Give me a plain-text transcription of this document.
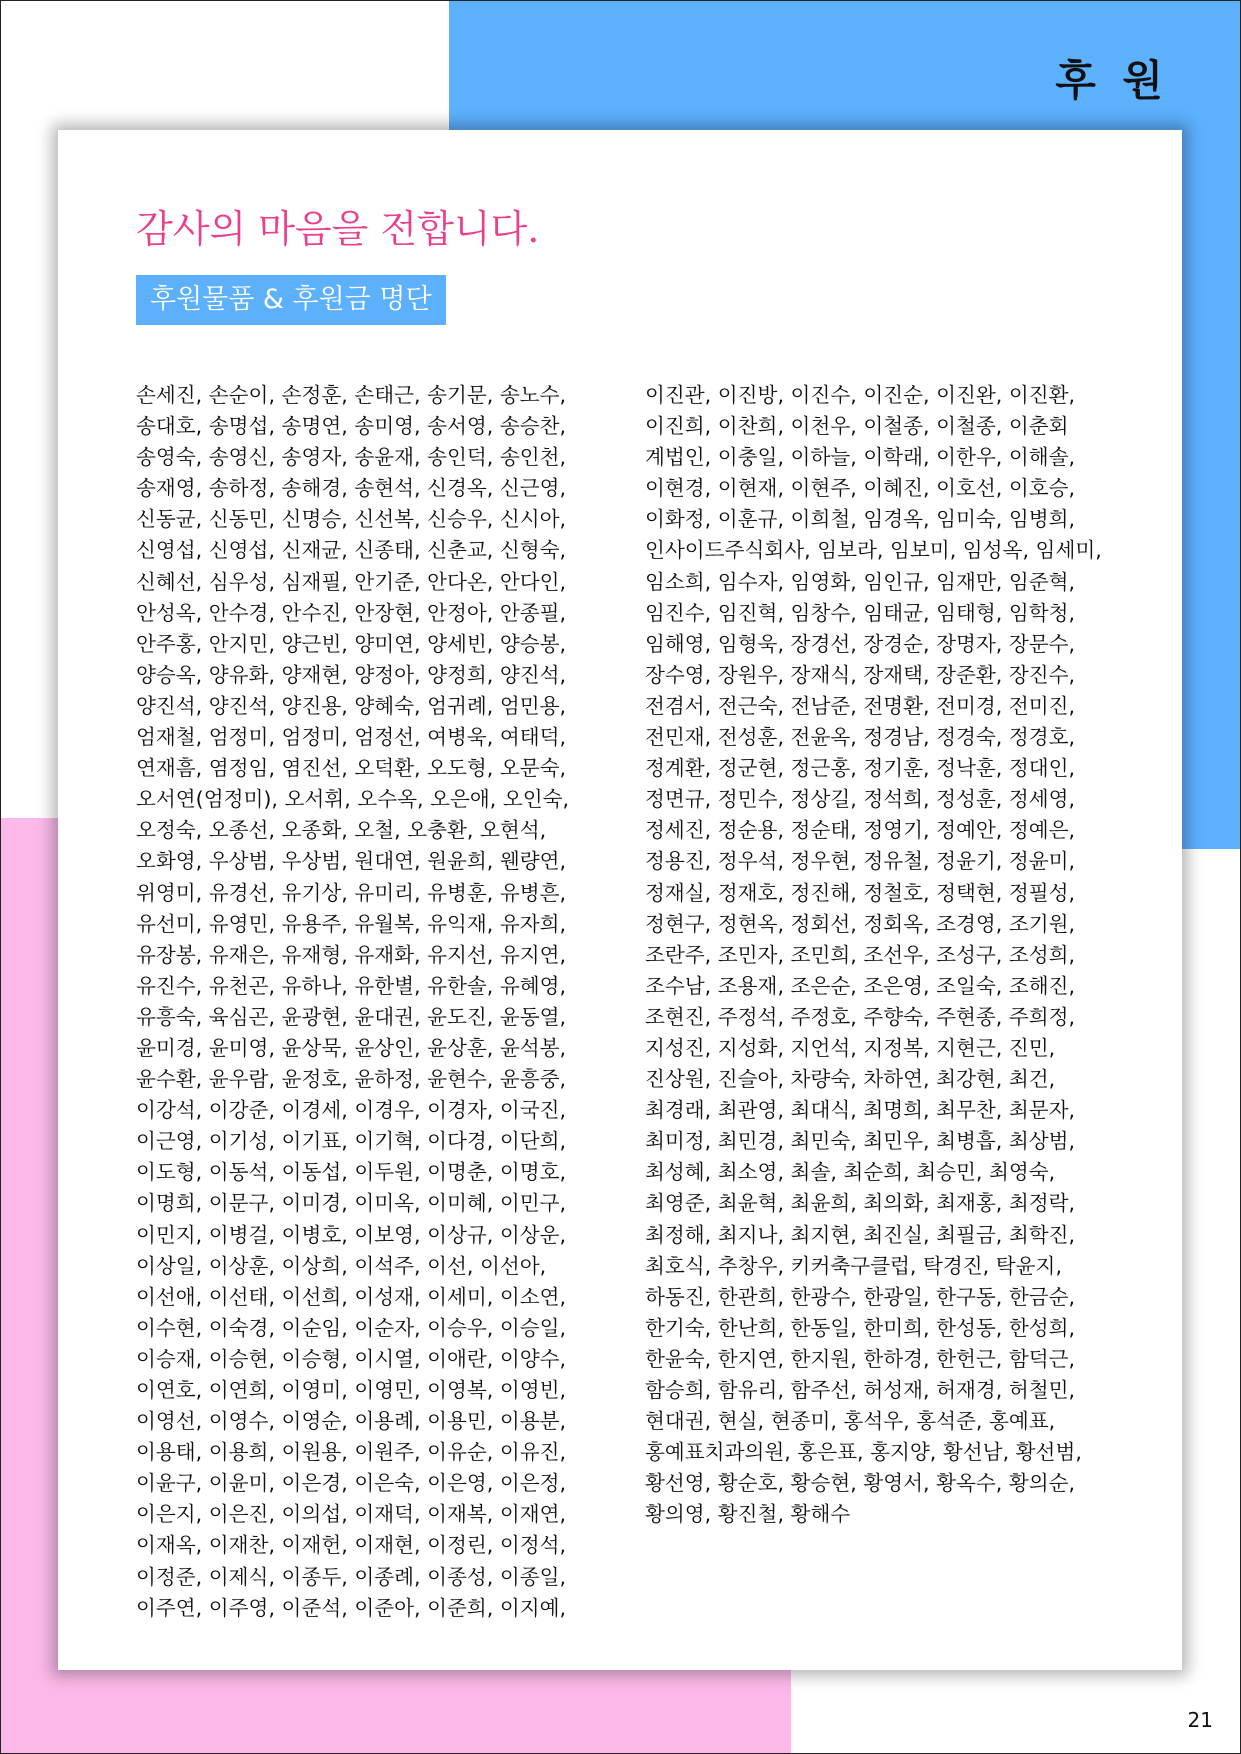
후 원
감사의 마음을 전합니다.
후원물품 & 후원금 명단
손세진, 손순이, 손정훈, 손태근, 송기문, 송노수,
송대호, 송명섭, 송명연, 송미영, 송서영, 송승찬,
송영숙, 송영신, 송영자, 송윤재, 송인덕, 송인천,
송재영, 송하정, 송해경, 송현석, 신경옥, 신근영,
신동균, 신동민, 신명승, 신선복, 신승우, 신시아,
신영섭, 신영섭, 신재균, 신종태, 신춘교, 신형숙,
신혜선, 심우성, 심재필, 안기준, 안다온, 안다인,
안성옥, 안수경, 안수진, 안장현, 안정아, 안종필,
안주홍, 안지민, 양근빈, 양미연, 양세빈, 양승봉,
양승옥, 양유화, 양재현, 양정아, 양정희, 양진석,
양진석, 양진석, 양진용, 양혜숙, 엄귀례, 엄민용,
엄재철, 엄정미, 엄정미, 엄정선, 여병욱, 여태덕,
연재흠, 염정임, 염진선, 오덕환, 오도형, 오문숙,
오서연(엄정미), 오서휘, 오수옥, 오은애, 오인숙,
오정숙, 오종선, 오종화, 오철, 오충환, 오현석,
오화영, 우상범, 우상범, 원대연, 원윤희, 웬량연,
위영미, 유경선, 유기상, 유미리, 유병훈, 유병흔,
유선미, 유영민, 유용주, 유월복, 유익재, 유자희,
유장봉, 유재은, 유재형, 유재화, 유지선, 유지연,
유진수, 유천곤, 유하나, 유한별, 유한솔, 유혜영,
유흥숙, 육심곤, 윤광현, 윤대권, 윤도진, 윤동열,
윤미경, 윤미영, 윤상묵, 윤상인, 윤상훈, 윤석봉,
윤수환, 윤우람, 윤정호, 윤하정, 윤현수, 윤흥중,
이강석, 이강준, 이경세, 이경우, 이경자, 이국진,
이근영, 이기성, 이기표, 이기혁, 이다경, 이단희,
이도형, 이동석, 이동섭, 이두원, 이명춘, 이명호,
이명희, 이문구, 이미경, 이미옥, 이미혜, 이민구,
이민지, 이병걸, 이병호, 이보영, 이상규, 이상운,
이상일, 이상훈, 이상희, 이석주, 이선, 이선아,
이선애, 이선태, 이선희, 이성재, 이세미, 이소연,
이수현, 이숙경, 이순임, 이순자, 이승우, 이승일,
이승재, 이승현, 이승형, 이시열, 이애란, 이양수,
이연호, 이연희, 이영미, 이영민, 이영복, 이영빈,
이영선, 이영수, 이영순, 이용례, 이용민, 이용분,
이용태, 이용희, 이원용, 이원주, 이유순, 이유진,
이윤구, 이윤미, 이은경, 이은숙, 이은영, 이은정,
이은지, 이은진, 이의섭, 이재덕, 이재복, 이재연,
이재옥, 이재찬, 이재헌, 이재현, 이정린, 이정석,
이정준, 이제식, 이종두, 이종례, 이종성, 이종일,
이주연, 이주영, 이준석, 이준아, 이준희, 이지예,
이진관, 이진방, 이진수, 이진순, 이진완, 이진환,
이진희, 이찬희, 이천우, 이철종, 이철종, 이춘회
계법인, 이충일, 이하늘, 이학래, 이한우, 이해솔,
이현경, 이현재, 이현주, 이혜진, 이호선, 이호승,
이화정, 이훈규, 이희철, 임경옥, 임미숙, 임병희,
인사이드주식회사, 임보라, 임보미, 임성옥, 임세미,
임소희, 임수자, 임영화, 임인규, 임재만, 임준혁,
임진수, 임진혁, 임창수, 임태균, 임태형, 임학청,
임해영, 임형욱, 장경선, 장경순, 장명자, 장문수,
장수영, 장원우, 장재식, 장재택, 장준환, 장진수,
전겸서, 전근숙, 전남준, 전명환, 전미경, 전미진,
전민재, 전성훈, 전윤옥, 정경남, 정경숙, 정경호,
정계환, 정군현, 정근홍, 정기훈, 정낙훈, 정대인,
정면규, 정민수, 정상길, 정석희, 정성훈, 정세영,
정세진, 정순용, 정순태, 정영기, 정예안, 정예은,
정용진, 정우석, 정우현, 정유철, 정윤기, 정윤미,
정재실, 정재호, 정진해, 정철호, 정택현, 정필성,
정현구, 정현옥, 정회선, 정회옥, 조경영, 조기원,
조란주, 조민자, 조민희, 조선우, 조성구, 조성희,
조수남, 조용재, 조은순, 조은영, 조일숙, 조해진,
조현진, 주정석, 주정호, 주향숙, 주현종, 주희정,
지성진, 지성화, 지언석, 지정복, 지현근, 진민,
진상원, 진슬아, 차량숙, 차하연, 최강현, 최건,
최경래, 최관영, 최대식, 최명희, 최무찬, 최문자,
최미정, 최민경, 최민숙, 최민우, 최병흡, 최상범,
최성혜, 최소영, 최솔, 최순희, 최승민, 최영숙,
최영준, 최윤혁, 최윤희, 최의화, 최재홍, 최정락,
최정해, 최지나, 최지현, 최진실, 최필금, 최학진,
최호식, 추창우, 키커축구클럽, 탁경진, 탁윤지,
하동진, 한관희, 한광수, 한광일, 한구동, 한금순,
한기숙, 한난희, 한동일, 한미희, 한성동, 한성희,
한윤숙, 한지연, 한지원, 한하경, 한헌근, 함덕근,
함승희, 함유리, 함주선, 허성재, 허재경, 허철민,
현대권, 현실, 현종미, 홍석우, 홍석준, 홍예표,
홍예표치과의원, 홍은표, 홍지양, 황선남, 황선범,
황선영, 황순호, 황승현, 황영서, 황옥수, 황의순,
황의영, 황진철, 황해수
21
